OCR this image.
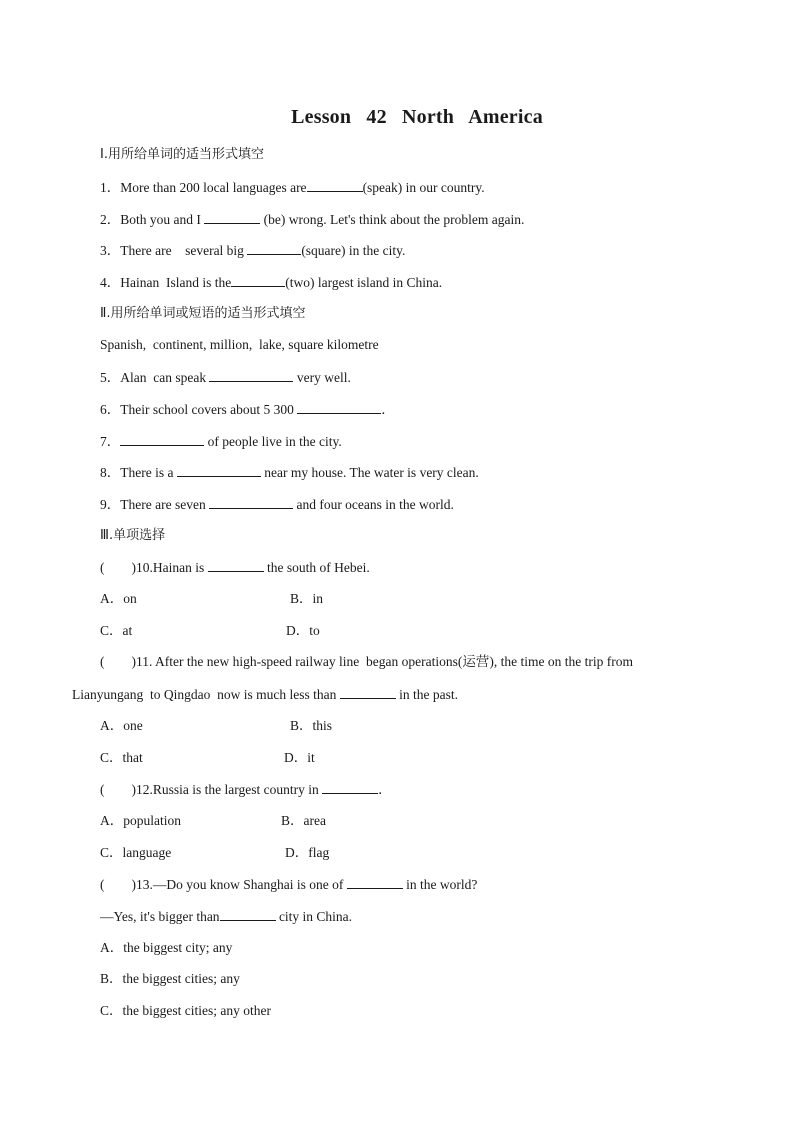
Lesson 42 North America
Ⅰ.用所给单词的适当形式填空
1．More than 200 local languages are	(speak) in our country.
2．Both you and I	(be) wrong. Let's think about the problem again.
3．There are    several big	(square) in the city.
4．Hainan  Island is the	(two) largest island in China.
Ⅱ.用所给单词或短语的适当形式填空
Spanish,  continent, million,  lake, square kilometre
5．Alan  can speak	very well.
6．Their school covers about 5 300	．
7．	of people live in the city.
8．There is a	near my house. The water is very clean.
9．There are seven	and four oceans in the world.
Ⅲ.单项选择
(        )10.Hainan is	the south of Hebei.
A．on	B．in
C．at	D．to
(        )11. After the new high-speed railway line  began operations(运营), the time on the trip from
Lianyungang  to Qingdao  now is much less than	in the past.
A．one	B．this
C．that	D．it
(        )12.Russia is the largest country in	．
A．population	B．area
C．language	D．flag
(        )13.—Do you know Shanghai is one of	in the world?
—Yes, it's bigger than	city in China.
A．the biggest city; any
B．the biggest cities; any
C．the biggest cities; any other
